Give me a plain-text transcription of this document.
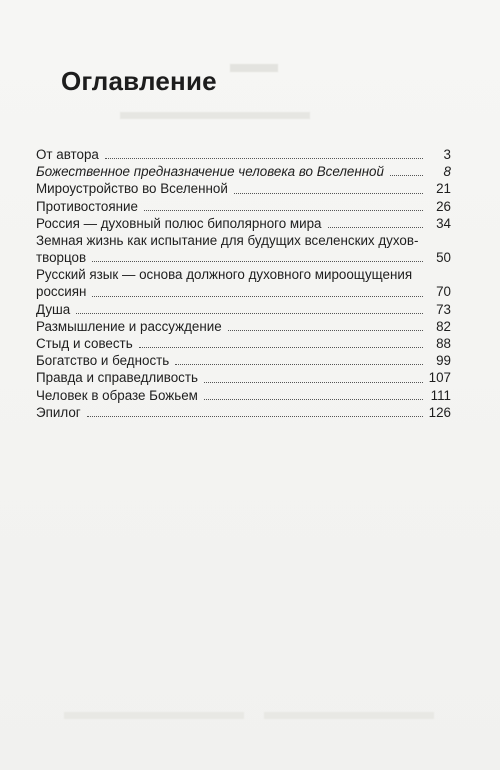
Оглавление
От автора	3
Божественное предназначение человека во Вселенной	8
Мироустройство во Вселенной	21
Противостояние	26
Россия — духовный полюс биполярного мира	34
Земная жизнь как испытание для будущих вселенских духов-
творцов	50
Русский язык — основа должного духовного мироощущения
россиян	70
Душа	73
Размышление и рассуждение	82
Стыд и совесть	88
Богатство и бедность	99
Правда и справедливость	107
Человек в образе Божьем	111
Эпилог	126
